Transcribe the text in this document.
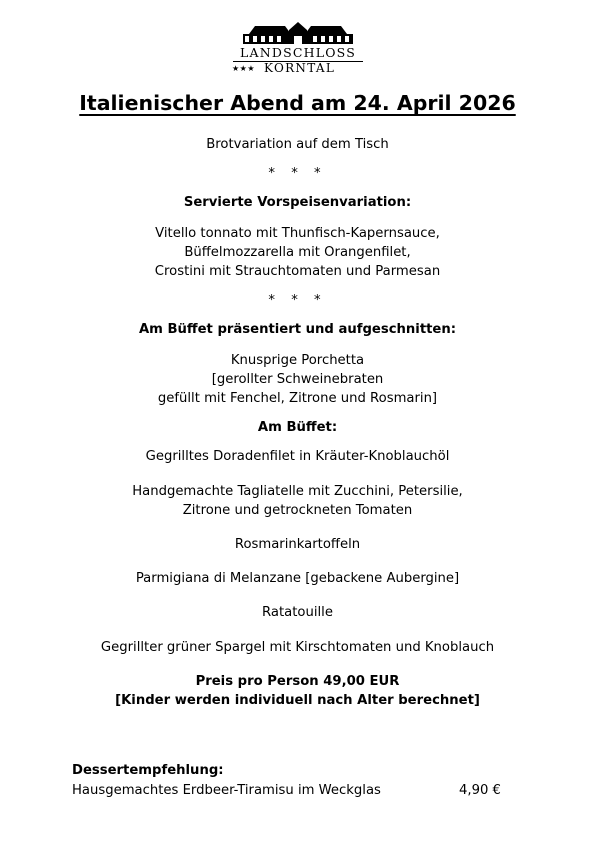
LANDSCHLOSS
★★★ KORNTAL
Italienischer Abend am 24. April 2026

Brotvariation auf dem Tisch

* * *

Servierte Vorspeisenvariation:

Vitello tonnato mit Thunfisch-Kapernsauce,

Büffelmozzarella mit Orangenfilet,

Crostini mit Strauchtomaten und Parmesan

* * *

Am Büffet präsentiert und aufgeschnitten:

Knusprige Porchetta

[gerollter Schweinebraten

gefüllt mit Fenchel, Zitrone und Rosmarin]

Am Büffet:

Gegrilltes Doradenfilet in Kräuter-Knoblauchöl

Handgemachte Tagliatelle mit Zucchini, Petersilie,

Zitrone und getrockneten Tomaten

Rosmarinkartoffeln

Parmigiana di Melanzane [gebackene Aubergine]

Ratatouille

Gegrillter grüner Spargel mit Kirschtomaten und Knoblauch

Preis pro Person 49,00 EUR

[Kinder werden individuell nach Alter berechnet]

Dessertempfehlung:
Hausgemachtes Erdbeer-Tiramisu im Weckglas	4,90 €
